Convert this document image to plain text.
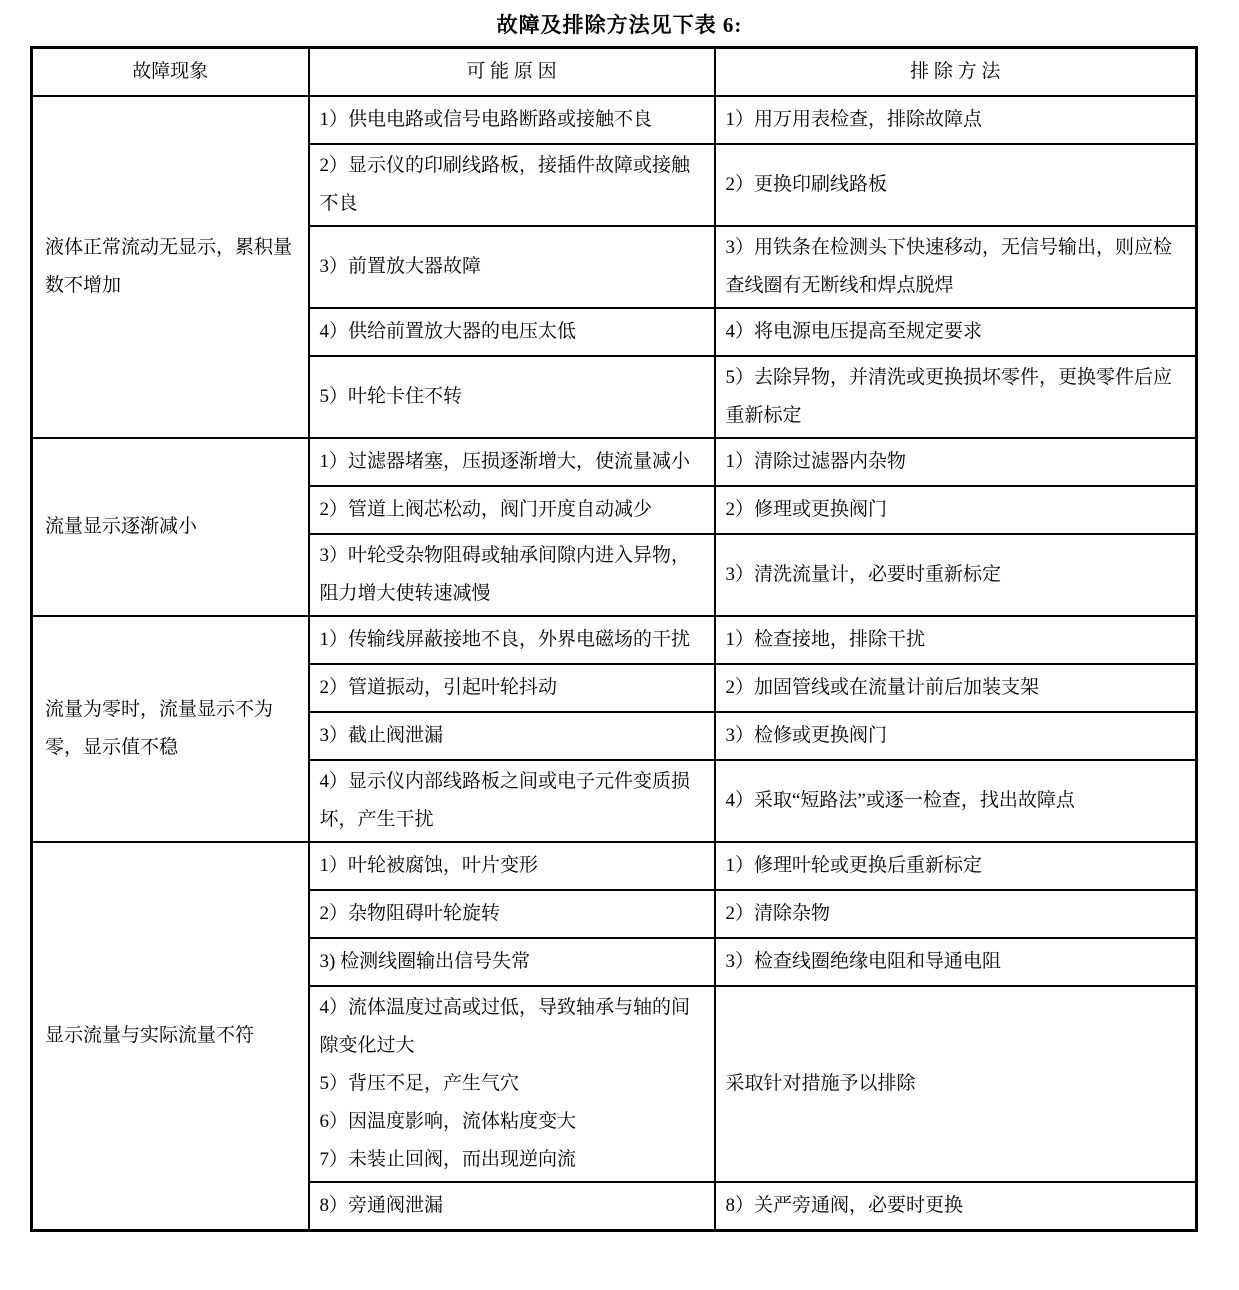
故障及排除方法见下表 6:
故障现象	可 能 原 因	排 除 方 法
液体正常流动无显示，累积量数不增加	1）供电电路或信号电路断路或接触不良	1）用万用表检查，排除故障点
	2）显示仪的印刷线路板，接插件故障或接触不良	2）更换印刷线路板
	3）前置放大器故障	3）用铁条在检测头下快速移动，无信号输出，则应检查线圈有无断线和焊点脱焊
	4）供给前置放大器的电压太低	4）将电源电压提高至规定要求
	5）叶轮卡住不转	5）去除异物，并清洗或更换损坏零件，更换零件后应重新标定
流量显示逐渐减小	1）过滤器堵塞，压损逐渐增大，使流量减小	1）清除过滤器内杂物
	2）管道上阀芯松动，阀门开度自动减少	2）修理或更换阀门
	3）叶轮受杂物阻碍或轴承间隙内进入异物，阻力增大使转速减慢	3）清洗流量计，必要时重新标定
流量为零时，流量显示不为零，显示值不稳	1）传输线屏蔽接地不良，外界电磁场的干扰	1）检查接地，排除干扰
	2）管道振动，引起叶轮抖动	2）加固管线或在流量计前后加装支架
	3）截止阀泄漏	3）检修或更换阀门
	4）显示仪内部线路板之间或电子元件变质损坏，产生干扰	4）采取“短路法”或逐一检查，找出故障点
显示流量与实际流量不符	1）叶轮被腐蚀，叶片变形	1）修理叶轮或更换后重新标定
	2）杂物阻碍叶轮旋转	2）清除杂物
	3) 检测线圈输出信号失常	3）检查线圈绝缘电阻和导通电阻

	4）流体温度过高或过低，导致轴承与轴的间隙变化过大
5）背压不足，产生气穴
6）因温度影响，流体粘度变大
7）未装止回阀，而出现逆向流	采取针对措施予以排除
	8）旁通阀泄漏	8）关严旁通阀，必要时更换
